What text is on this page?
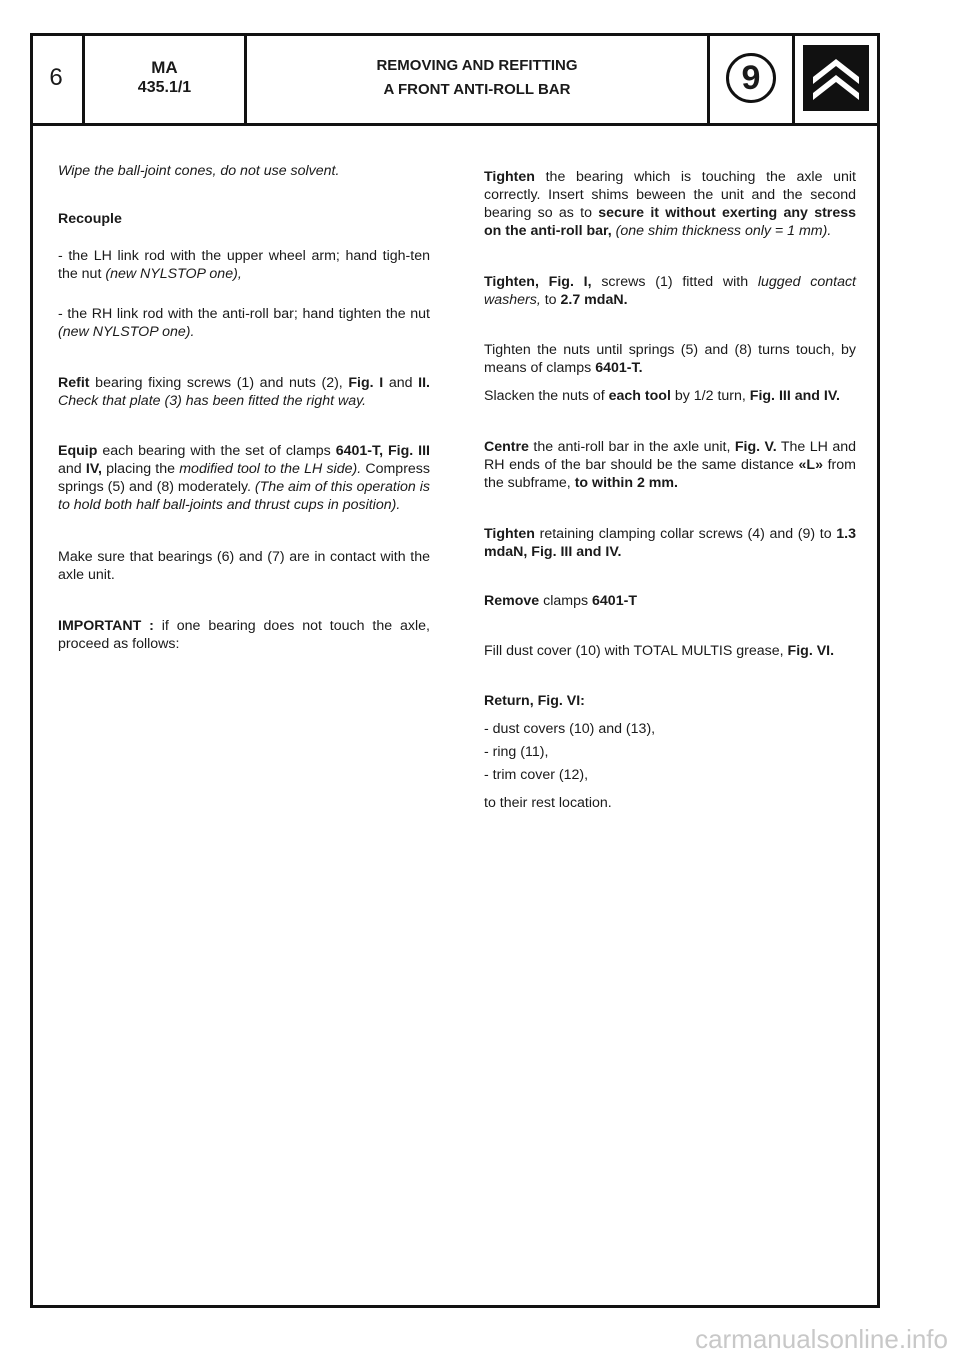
6	MA
435.1/1
REMOVING AND REFITTING
A FRONT ANTI-ROLL BAR	9

Wipe the ball-joint cones, do not use solvent.

Recouple

- the LH link rod with the upper wheel arm; hand tigh-ten the nut (new NYLSTOP one),

- the RH link rod with the anti-roll bar; hand tighten the nut (new NYLSTOP one).

Refit bearing fixing screws (1) and nuts (2), Fig. I and II. Check that plate (3) has been fitted the right way.

Equip each bearing with the set of clamps 6401-T, Fig. III and IV, placing the modified tool to the LH side). Compress springs (5) and (8) moderately. (The aim of this operation is to hold both half ball-joints and thrust cups in position).

Make sure that bearings (6) and (7) are in contact with the axle unit.

IMPORTANT : if one bearing does not touch the axle, proceed as follows:

Tighten the bearing which is touching the axle unit correctly. Insert shims beween the unit and the second bearing so as to secure it without exerting any stress on the anti-roll bar, (one shim thickness only = 1 mm).

Tighten, Fig. I, screws (1) fitted with lugged contact washers, to 2.7 mdaN.

Tighten the nuts until springs (5) and (8) turns touch, by means of clamps 6401-T.

Slacken the nuts of each tool by 1/2 turn, Fig. III and IV.

Centre the anti-roll bar in the axle unit, Fig. V. The LH and RH ends of the bar should be the same distance «L» from the subframe, to within 2 mm.

Tighten retaining clamping collar screws (4) and (9) to 1.3 mdaN, Fig. III and IV.

Remove clamps 6401-T

Fill dust cover (10) with TOTAL MULTIS grease, Fig. VI.

Return, Fig. VI:

- dust covers (10) and (13),

- ring (11),

- trim cover (12),

to their rest location.

carmanualsonline.info
